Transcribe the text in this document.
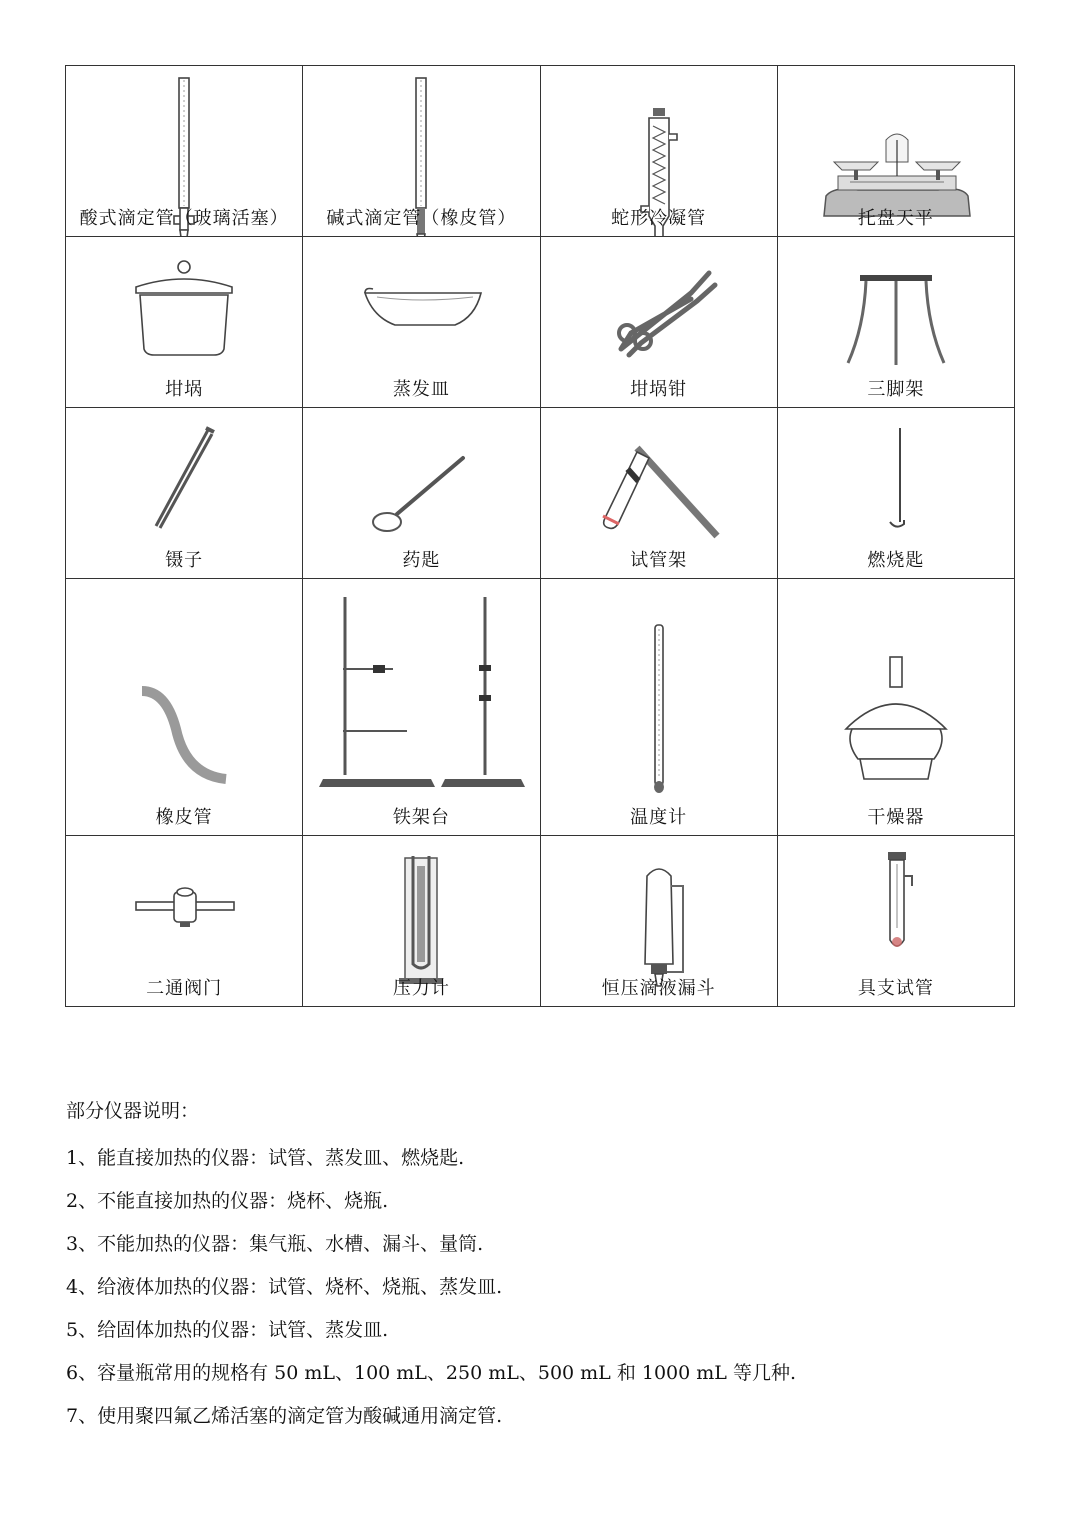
酸式滴定管（玻璃活塞）	碱式滴定管（橡皮管）	蛇形冷凝管	托盘天平

坩埚	蒸发皿	坩埚钳	三脚架

镊子	药匙	试管架	燃烧匙

橡皮管	铁架台	温度计	干燥器

二通阀门	压力计	恒压滴液漏斗	具支试管
部分仪器说明：
1、能直接加热的仪器：试管、蒸发皿、燃烧匙.
2、不能直接加热的仪器：烧杯、烧瓶.
3、不能加热的仪器：集气瓶、水槽、漏斗、量筒.
4、给液体加热的仪器：试管、烧杯、烧瓶、蒸发皿.
5、给固体加热的仪器：试管、蒸发皿.
6、容量瓶常用的规格有 50 mL、100 mL、250 mL、500 mL 和 1000 mL 等几种.
7、使用聚四氟乙烯活塞的滴定管为酸碱通用滴定管.
